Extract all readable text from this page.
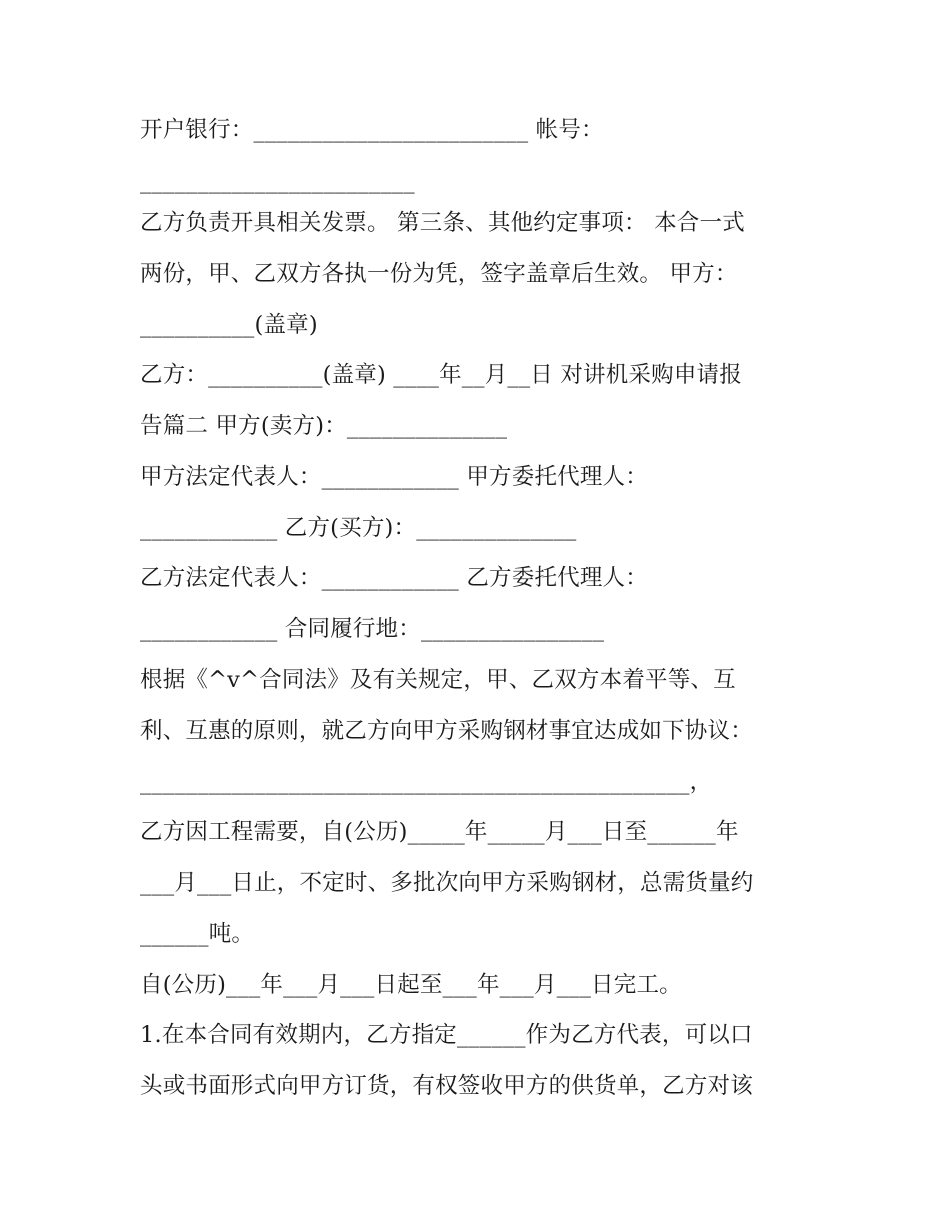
开户银行：________________________ 帐号：
________________________
乙方负责开具相关发票。 第三条、其他约定事项： 本合一式
两份，甲、乙双方各执一份为凭，签字盖章后生效。 甲方：
__________(盖章)
乙方：__________(盖章) ____年__月__日 对讲机采购申请报
告篇二 甲方(卖方)：______________
甲方法定代表人：____________ 甲方委托代理人：
____________ 乙方(买方)：______________
乙方法定代表人：____________ 乙方委托代理人：
____________ 合同履行地：________________
根据《^v^合同法》及有关规定，甲、乙双方本着平等、互
利、互惠的原则，就乙方向甲方采购钢材事宜达成如下协议：
________________________________________________，
乙方因工程需要，自(公历)_____年_____月___日至______年
___月___日止，不定时、多批次向甲方采购钢材，总需货量约
______吨。
自(公历)___年___月___日起至___年___月___日完工。
1.在本合同有效期内，乙方指定______作为乙方代表，可以口
头或书面形式向甲方订货，有权签收甲方的供货单，乙方对该
